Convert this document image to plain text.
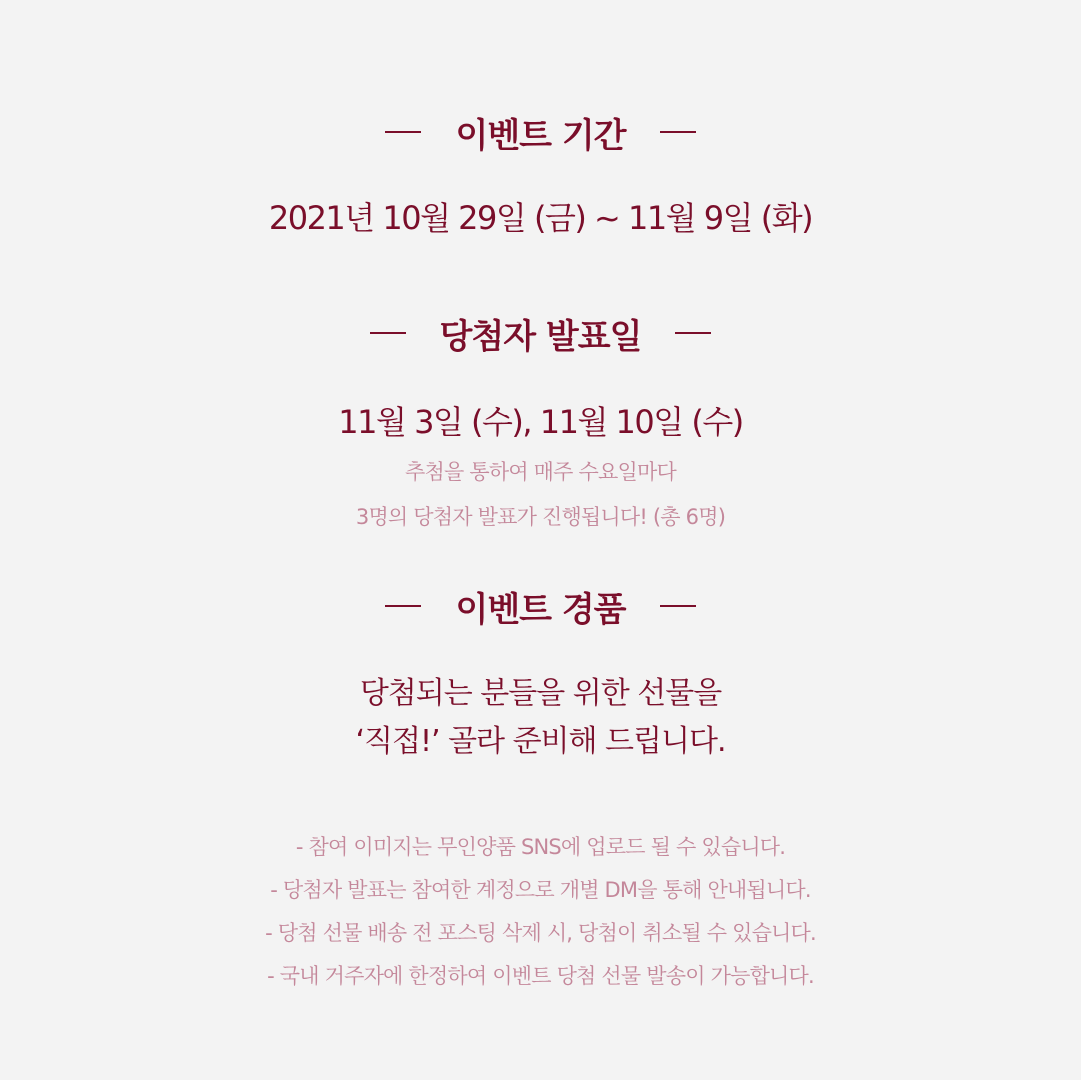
이벤트 기간
2021년 10월 29일 (금) ~ 11월 9일 (화)
당첨자 발표일
11월 3일 (수), 11월 10일 (수)
추첨을 통하여 매주 수요일마다
3명의 당첨자 발표가 진행됩니다! (총 6명)
이벤트 경품
당첨되는 분들을 위한 선물을
‘직접!’ 골라 준비해 드립니다.
- 참여 이미지는 무인양품 SNS에 업로드 될 수 있습니다.
- 당첨자 발표는 참여한 계정으로 개별 DM을 통해 안내됩니다.
- 당첨 선물 배송 전 포스팅 삭제 시, 당첨이 취소될 수 있습니다.
- 국내 거주자에 한정하여 이벤트 당첨 선물 발송이 가능합니다.
